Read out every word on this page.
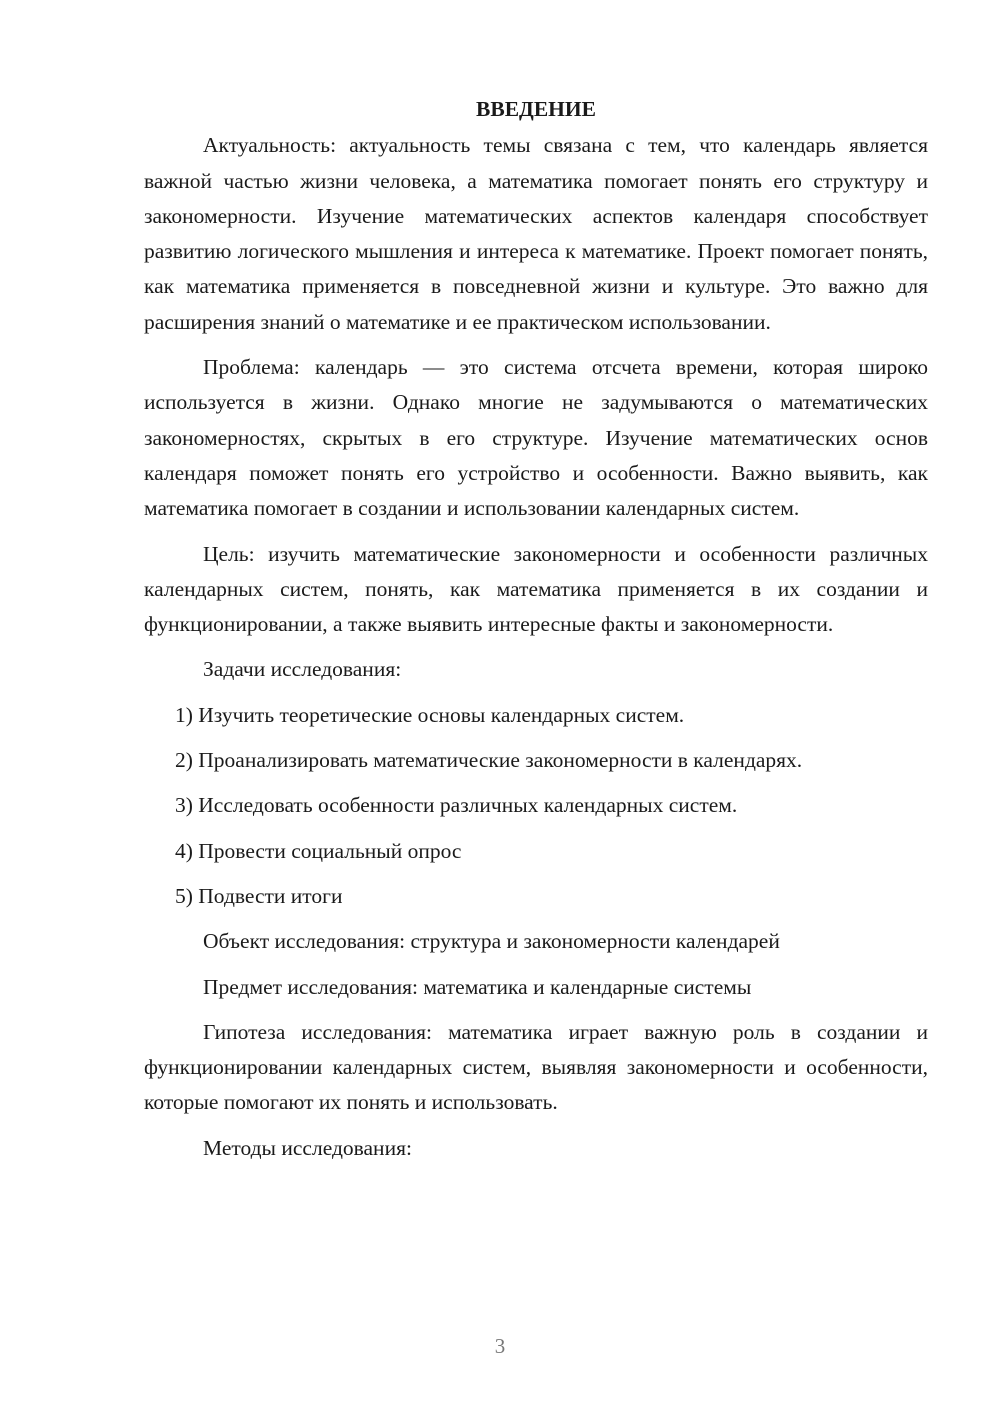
ВВЕДЕНИЕ
Актуальность: актуальность темы связана с тем, что календарь является важной частью жизни человека, а математика помогает понять его структуру и закономерности. Изучение математических аспектов календаря способствует развитию логического мышления и интереса к математике. Проект помогает понять, как математика применяется в повседневной жизни и культуре. Это важно для расширения знаний о математике и ее практическом использовании.
Проблема: календарь — это система отсчета времени, которая широко используется в жизни. Однако многие не задумываются о математических закономерностях, скрытых в его структуре. Изучение математических основ календаря поможет понять его устройство и особенности. Важно выявить, как математика помогает в создании и использовании календарных систем.
Цель: изучить математические закономерности и особенности различных календарных систем, понять, как математика применяется в их создании и функционировании, а также выявить интересные факты и закономерности.
Задачи исследования:
1) Изучить теоретические основы календарных систем.
2) Проанализировать математические закономерности в календарях.
3) Исследовать особенности различных календарных систем.
4) Провести социальный опрос
5) Подвести итоги
Объект исследования: структура и закономерности календарей
Предмет исследования: математика и календарные системы
Гипотеза исследования: математика играет важную роль в создании и функционировании календарных систем, выявляя закономерности и особенности, которые помогают их понять и использовать.
Методы исследования:
3
